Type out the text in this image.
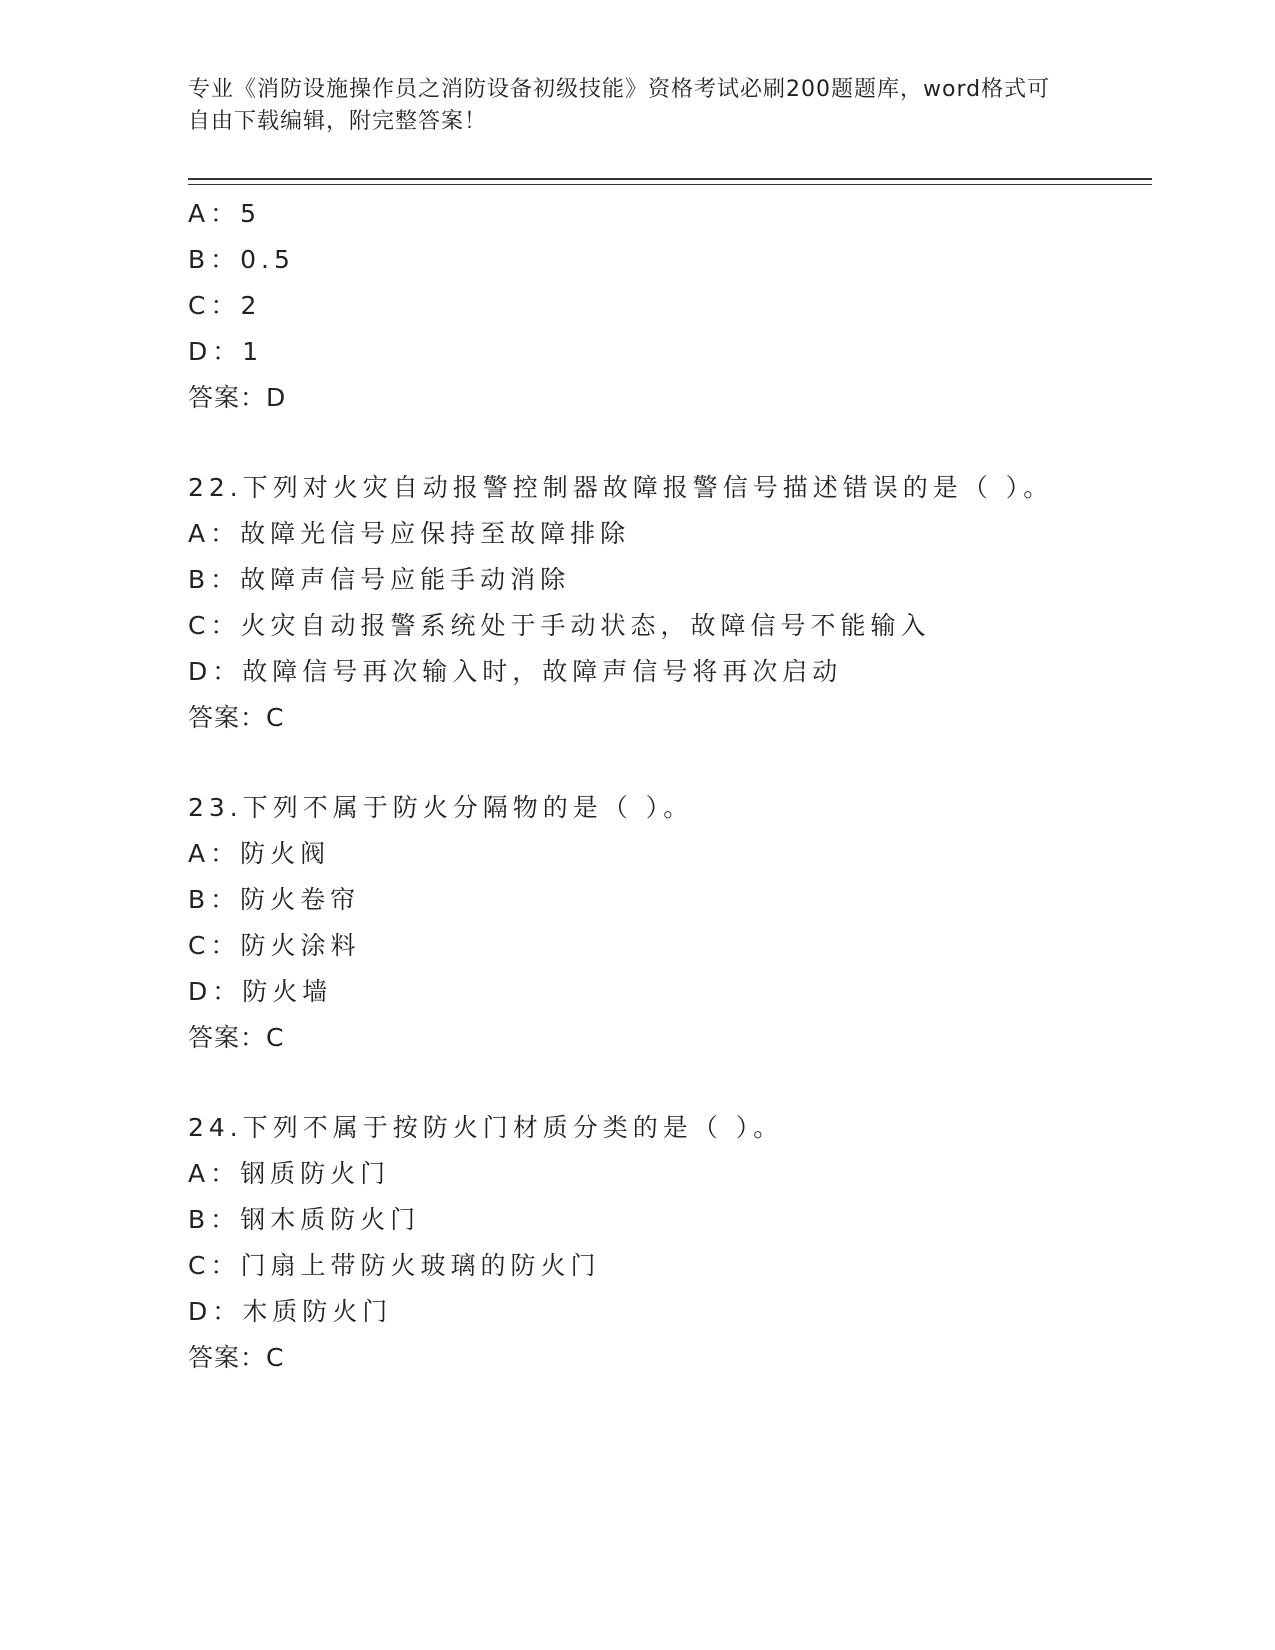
专业《消防设施操作员之消防设备初级技能》资格考试必刷200题题库，word格式可自由下载编辑，附完整答案！
A：5
B：0.5
C：2
D：1
答案：D
22.下列对火灾自动报警控制器故障报警信号描述错误的是（ ）。
A：故障光信号应保持至故障排除
B：故障声信号应能手动消除
C：火灾自动报警系统处于手动状态，故障信号不能输入
D：故障信号再次输入时，故障声信号将再次启动
答案：C
23.下列不属于防火分隔物的是（ ）。
A：防火阀
B：防火卷帘
C：防火涂料
D：防火墙
答案：C
24.下列不属于按防火门材质分类的是（ ）。
A：钢质防火门
B：钢木质防火门
C：门扇上带防火玻璃的防火门
D：木质防火门
答案：C
